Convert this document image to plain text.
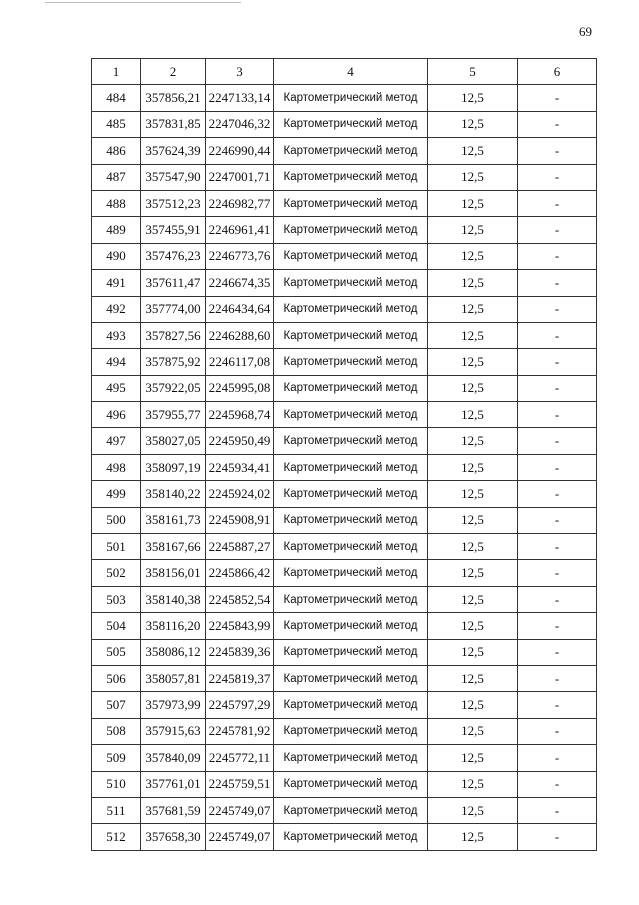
69
1	2	3	4	5	6
484	357856,21	2247133,14	Картометрический метод	12,5	-
485	357831,85	2247046,32	Картометрический метод	12,5	-
486	357624,39	2246990,44	Картометрический метод	12,5	-
487	357547,90	2247001,71	Картометрический метод	12,5	-
488	357512,23	2246982,77	Картометрический метод	12,5	-
489	357455,91	2246961,41	Картометрический метод	12,5	-
490	357476,23	2246773,76	Картометрический метод	12,5	-
491	357611,47	2246674,35	Картометрический метод	12,5	-
492	357774,00	2246434,64	Картометрический метод	12,5	-
493	357827,56	2246288,60	Картометрический метод	12,5	-
494	357875,92	2246117,08	Картометрический метод	12,5	-
495	357922,05	2245995,08	Картометрический метод	12,5	-
496	357955,77	2245968,74	Картометрический метод	12,5	-
497	358027,05	2245950,49	Картометрический метод	12,5	-
498	358097,19	2245934,41	Картометрический метод	12,5	-
499	358140,22	2245924,02	Картометрический метод	12,5	-
500	358161,73	2245908,91	Картометрический метод	12,5	-
501	358167,66	2245887,27	Картометрический метод	12,5	-
502	358156,01	2245866,42	Картометрический метод	12,5	-
503	358140,38	2245852,54	Картометрический метод	12,5	-
504	358116,20	2245843,99	Картометрический метод	12,5	-
505	358086,12	2245839,36	Картометрический метод	12,5	-
506	358057,81	2245819,37	Картометрический метод	12,5	-
507	357973,99	2245797,29	Картометрический метод	12,5	-
508	357915,63	2245781,92	Картометрический метод	12,5	-
509	357840,09	2245772,11	Картометрический метод	12,5	-
510	357761,01	2245759,51	Картометрический метод	12,5	-
511	357681,59	2245749,07	Картометрический метод	12,5	-
512	357658,30	2245749,07	Картометрический метод	12,5	-
